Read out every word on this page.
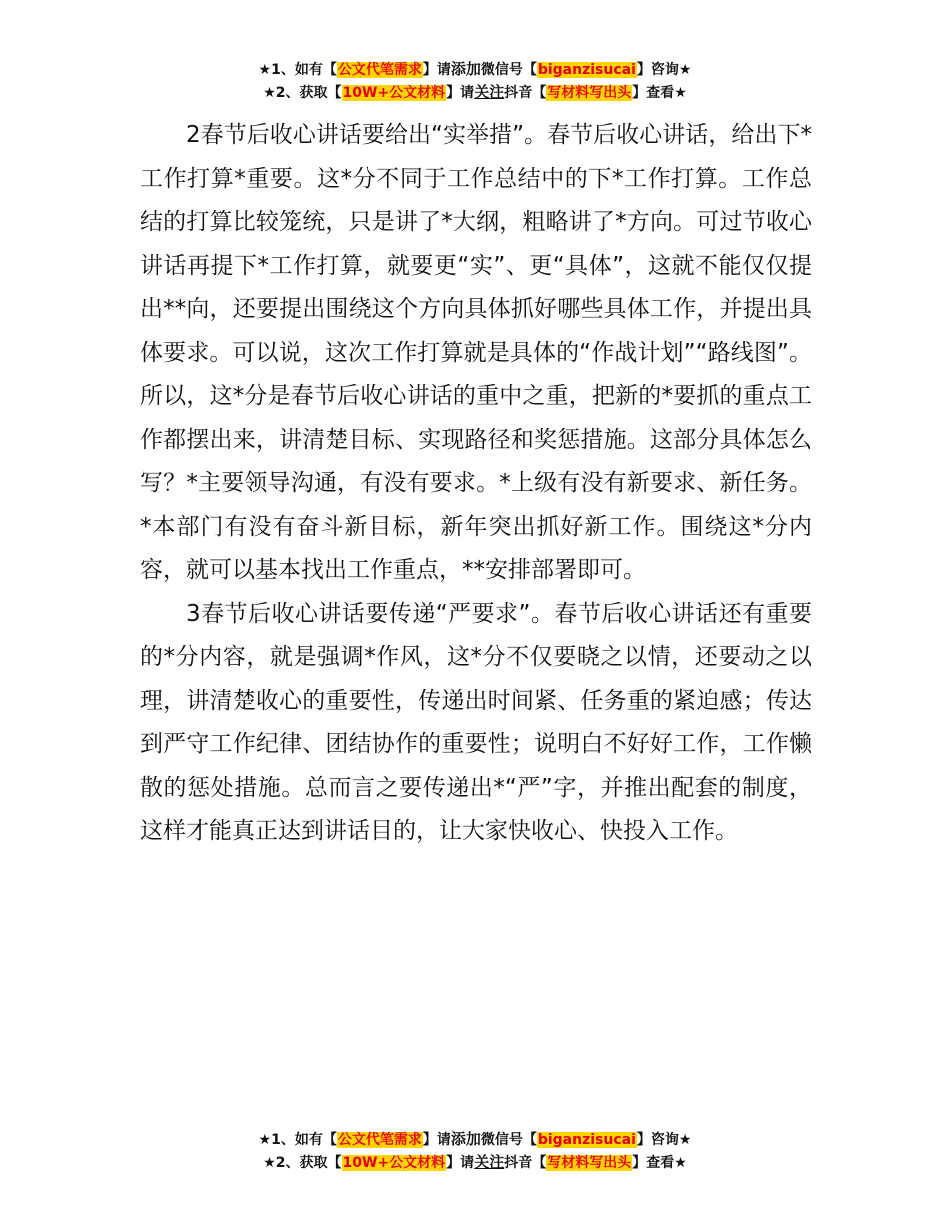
★1、如有【公文代笔需求】请添加微信号【biganzisucai】咨询★
★2、获取【10W+公文材料】请关注抖音【写材料写出头】查看★

2春节后收心讲话要给出“实举措”。春节后收心讲话，给出下*工作打算*重要。这*分不同于工作总结中的下*工作打算。工作总结的打算比较笼统，只是讲了*大纲，粗略讲了*方向。可过节收心讲话再提下*工作打算，就要更“实”、更“具体”，这就不能仅仅提出**向，还要提出围绕这个方向具体抓好哪些具体工作，并提出具体要求。可以说，这次工作打算就是具体的“作战计划”“路线图”。所以，这*分是春节后收心讲话的重中之重，把新的*要抓的重点工作都摆出来，讲清楚目标、实现路径和奖惩措施。这部分具体怎么写？*主要领导沟通，有没有要求。*上级有没有新要求、新任务。*本部门有没有奋斗新目标，新年突出抓好新工作。围绕这*分内容，就可以基本找出工作重点，**安排部署即可。

3春节后收心讲话要传递“严要求”。春节后收心讲话还有重要的*分内容，就是强调*作风，这*分不仅要晓之以情，还要动之以理，讲清楚收心的重要性，传递出时间紧、任务重的紧迫感；传达到严守工作纪律、团结协作的重要性；说明白不好好工作，工作懒散的惩处措施。总而言之要传递出*“严”字，并推出配套的制度，这样才能真正达到讲话目的，让大家快收心、快投入工作。

★1、如有【公文代笔需求】请添加微信号【biganzisucai】咨询★
★2、获取【10W+公文材料】请关注抖音【写材料写出头】查看★
